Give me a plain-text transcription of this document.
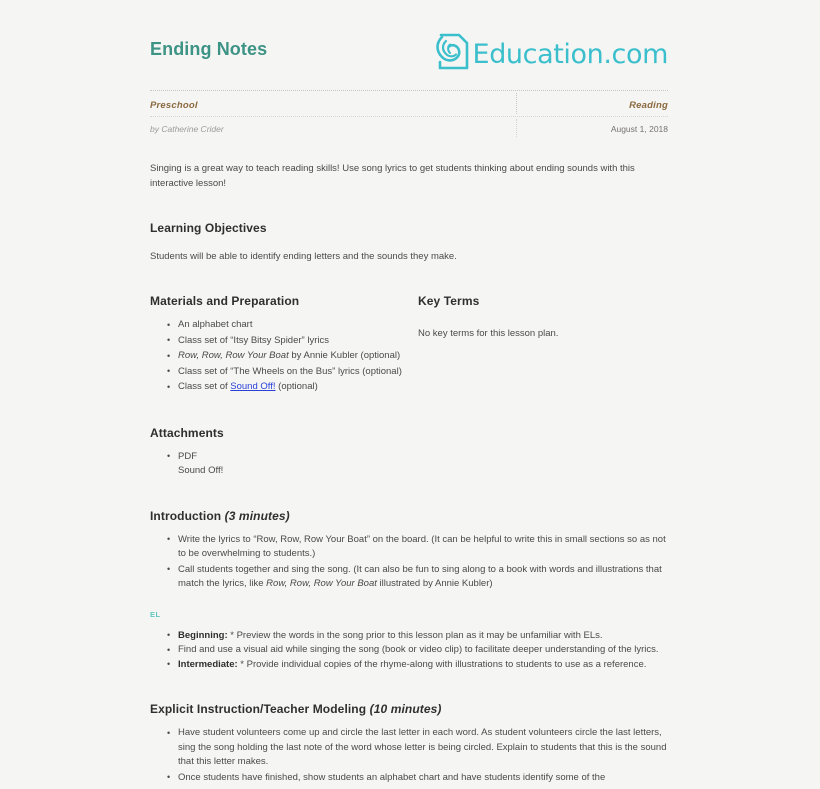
Ending Notes	Education.com
Preschool	Reading
by Catherine Crider	August 1, 2018

Singing is a great way to teach reading skills! Use song lyrics to get students thinking about ending sounds with this interactive lesson!

Learning Objectives

Students will be able to identify ending letters and the sounds they make.

Materials and Preparation
• An alphabet chart
• Class set of “Itsy Bitsy Spider” lyrics
• Row, Row, Row Your Boat by Annie Kubler (optional)
• Class set of “The Wheels on the Bus” lyrics (optional)
• Class set of Sound Off! (optional)
Key Terms

No key terms for this lesson plan.

Attachments
• PDF
Sound Off!
Introduction (3 minutes)
• Write the lyrics to “Row, Row, Row Your Boat” on the board. (It can be helpful to write this in small sections so as not to be overwhelming to students.)
• Call students together and sing the song. (It can also be fun to sing along to a book with words and illustrations that match the lyrics, like Row, Row, Row Your Boat illustrated by Annie Kubler)

EL

• Beginning: * Preview the words in the song prior to this lesson plan as it may be unfamiliar with ELs.
• Find and use a visual aid while singing the song (book or video clip) to facilitate deeper understanding of the lyrics.
• Intermediate: * Provide individual copies of the rhyme-along with illustrations to students to use as a reference.
Explicit Instruction/Teacher Modeling (10 minutes)
• Have student volunteers come up and circle the last letter in each word. As student volunteers circle the last letters, sing the song holding the last note of the word whose letter is being circled. Explain to students that this is the sound that this letter makes.
• Once students have finished, show students an alphabet chart and have students identify some of the
